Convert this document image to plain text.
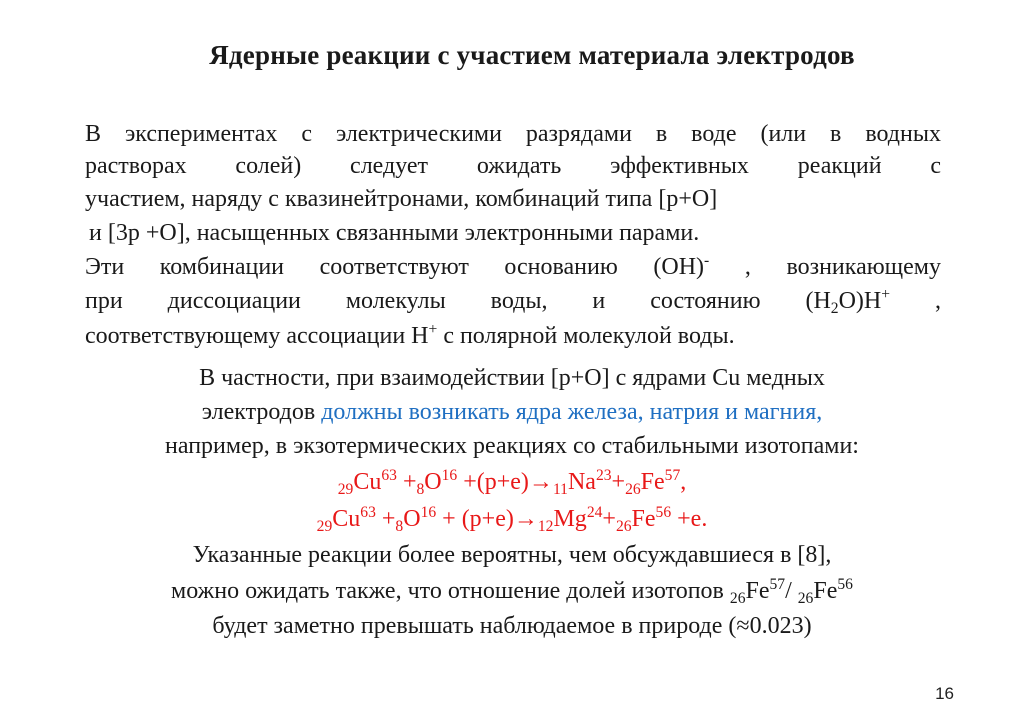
Ядерные реакции с участием материала электродов

В экспериментах с электрическими разрядами в воде (или в водных

растворах солей) следует ожидать эффективных реакций с

участием, наряду с квазинейтронами, комбинаций типа [p+O]

и [3p +O], насыщенных связанными электронными парами.

Эти комбинации соответствуют основанию (OH)- , возникающему

при диссоциации молекулы воды, и состоянию $(H_2O)H^+$ ,

соответствующему ассоциации H+ с полярной молекулой воды.

В частности, при взаимодействии [p+O] с ядрами Cu медных

электродов должны возникать ядра железа, натрия и магния,

например, в экзотермических реакциях со стабильными изотопами:

$_{29}Cu^{63} +_8O^{16} +(p+e)\to_{11}Na^{23}+_{26}Fe^{57}$,

$_{29}Cu^{63} +_8O^{16} + (p+e)\to_{12}Mg^{24}+_{26}Fe^{56} +e$.

Указанные реакции более вероятны, чем обсуждавшиеся в [8],

можно ожидать также, что отношение долей изотопов $_{26}Fe^{57}/$ $_{26}Fe^{56}$

будет заметно превышать наблюдаемое в природе (≈0.023)

16
